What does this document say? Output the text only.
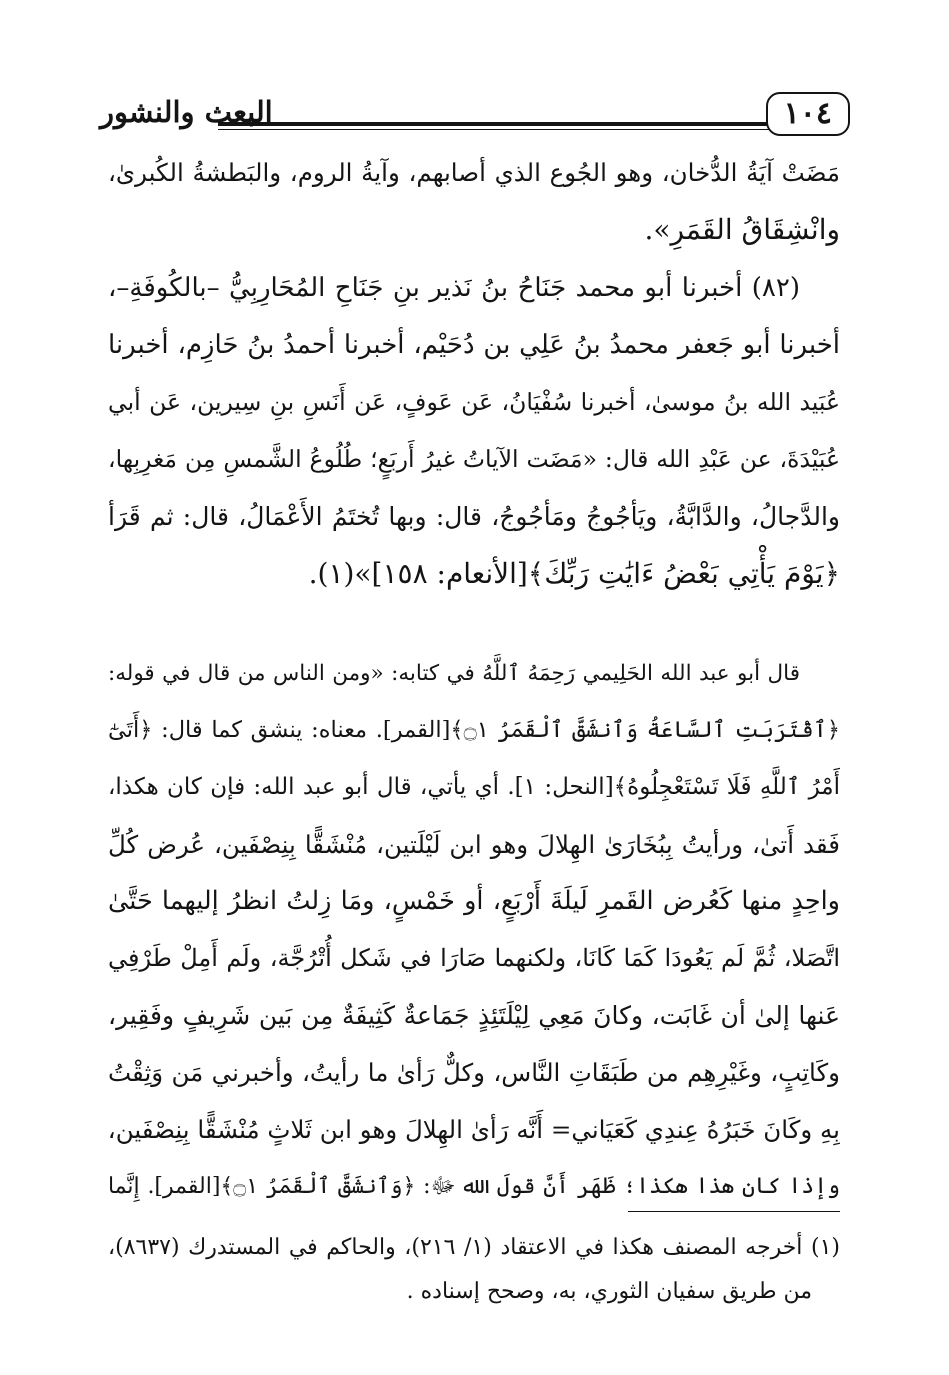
١٠٤
البعث والنشور
مَضَتْ آيَةُ الدُّخان، وهو الجُوع الذي أصابهم، وآيةُ الروم، والبَطشةُ الكُبرىٰ،
وانْشِقَاقُ القَمَرِ».
(٨٢) أخبرنا أبو محمد جَنَاحُ بنُ نَذير بنِ جَنَاحِ المُحَارِبِيُّ –بالكُوفَةِ–،
أخبرنا أبو جَعفر محمدُ بنُ عَلِي بن دُحَيْم، أخبرنا أحمدُ بنُ حَازِم، أخبرنا
عُبَيد الله بنُ موسىٰ، أخبرنا سُفْيَانُ، عَن عَوفٍ، عَن أَنَسِ بنِ سِيرين، عَن أبي
عُبَيْدَةَ، عن عَبْدِ الله قال: «مَضَت الآياتُ غيرُ أَربَعٍ؛ طُلُوعُ الشَّمسِ مِن مَغرِبِها،
والدَّجالُ، والدَّابَّةُ، ويَأجُوجُ ومَأجُوجُ، قال: وبها تُختَمُ الأَعْمَالُ، قال: ثم قَرَأ
﴿يَوْمَ يَأْتِي بَعْضُ ءَايَٰتِ رَبِّكَ﴾[الأنعام: ١٥٨]»(١).
قال أبو عبد الله الحَلِيمي رَحِمَهُ ٱللَّهُ في كتابه: «ومن الناس من قال في قوله:
﴿ٱقْتَرَبَتِ ٱلسَّاعَةُ وَٱنشَقَّ ٱلْقَمَرُ ۝١﴾[القمر]. معناه: ينشق كما قال: ﴿أَتَىٰٓ
أَمْرُ ٱللَّهِ فَلَا تَسْتَعْجِلُوهُ﴾[النحل: ١]. أي يأتي، قال أبو عبد الله: فإن كان هكذا،
فَقد أَتىٰ، ورأيتُ بِبُخَارَىٰ الهِلالَ وهو ابن لَيْلَتين، مُنْشَقًّا بِنِصْفَين، عُرض كُلِّ
واحِدٍ منها كَعُرض القَمرِ لَيلَةَ أَرْبَعٍ، أو خَمْسٍ، ومَا زِلتُ انظرُ إليهما حَتَّىٰ
اتَّصَلا، ثُمَّ لَم يَعُودَا كَمَا كَانَا، ولكنهما صَارَا في شَكل أُتْرُجَّة، ولَم أَمِلْ طَرْفِي
عَنها إلىٰ أن غَابَت، وكانَ مَعِي لِيْلَتَئِذٍ جَمَاعةٌ كَثِيفَةٌ مِن بَين شَرِيفٍ وفَقِير،
وكَاتِبٍ، وغَيْرِهِم من طَبَقَاتِ النَّاس، وكلٌّ رَأىٰ ما رأيتُ، وأخبرني مَن وَثِقْتُ
بِهِ وكَانَ خَبَرُهُ عِندِي كَعَيَاني= أَنَّه رَأىٰ الهِلالَ وهو ابن ثَلاثٍ مُنْشَقًّا بِنِصْفَين،
وإذا كان هذا هكذا؛ ظَهَر أَنَّ قولَ الله ﷻ: ﴿وَٱنشَقَّ ٱلْقَمَرُ ۝١﴾[القمر]. إِنَّما
(١) أخرجه المصنف هكذا في الاعتقاد (١/ ٢١٦)، والحاكم في المستدرك (٨٦٣٧)،
من طريق سفيان الثوري، به، وصحح إسناده .
